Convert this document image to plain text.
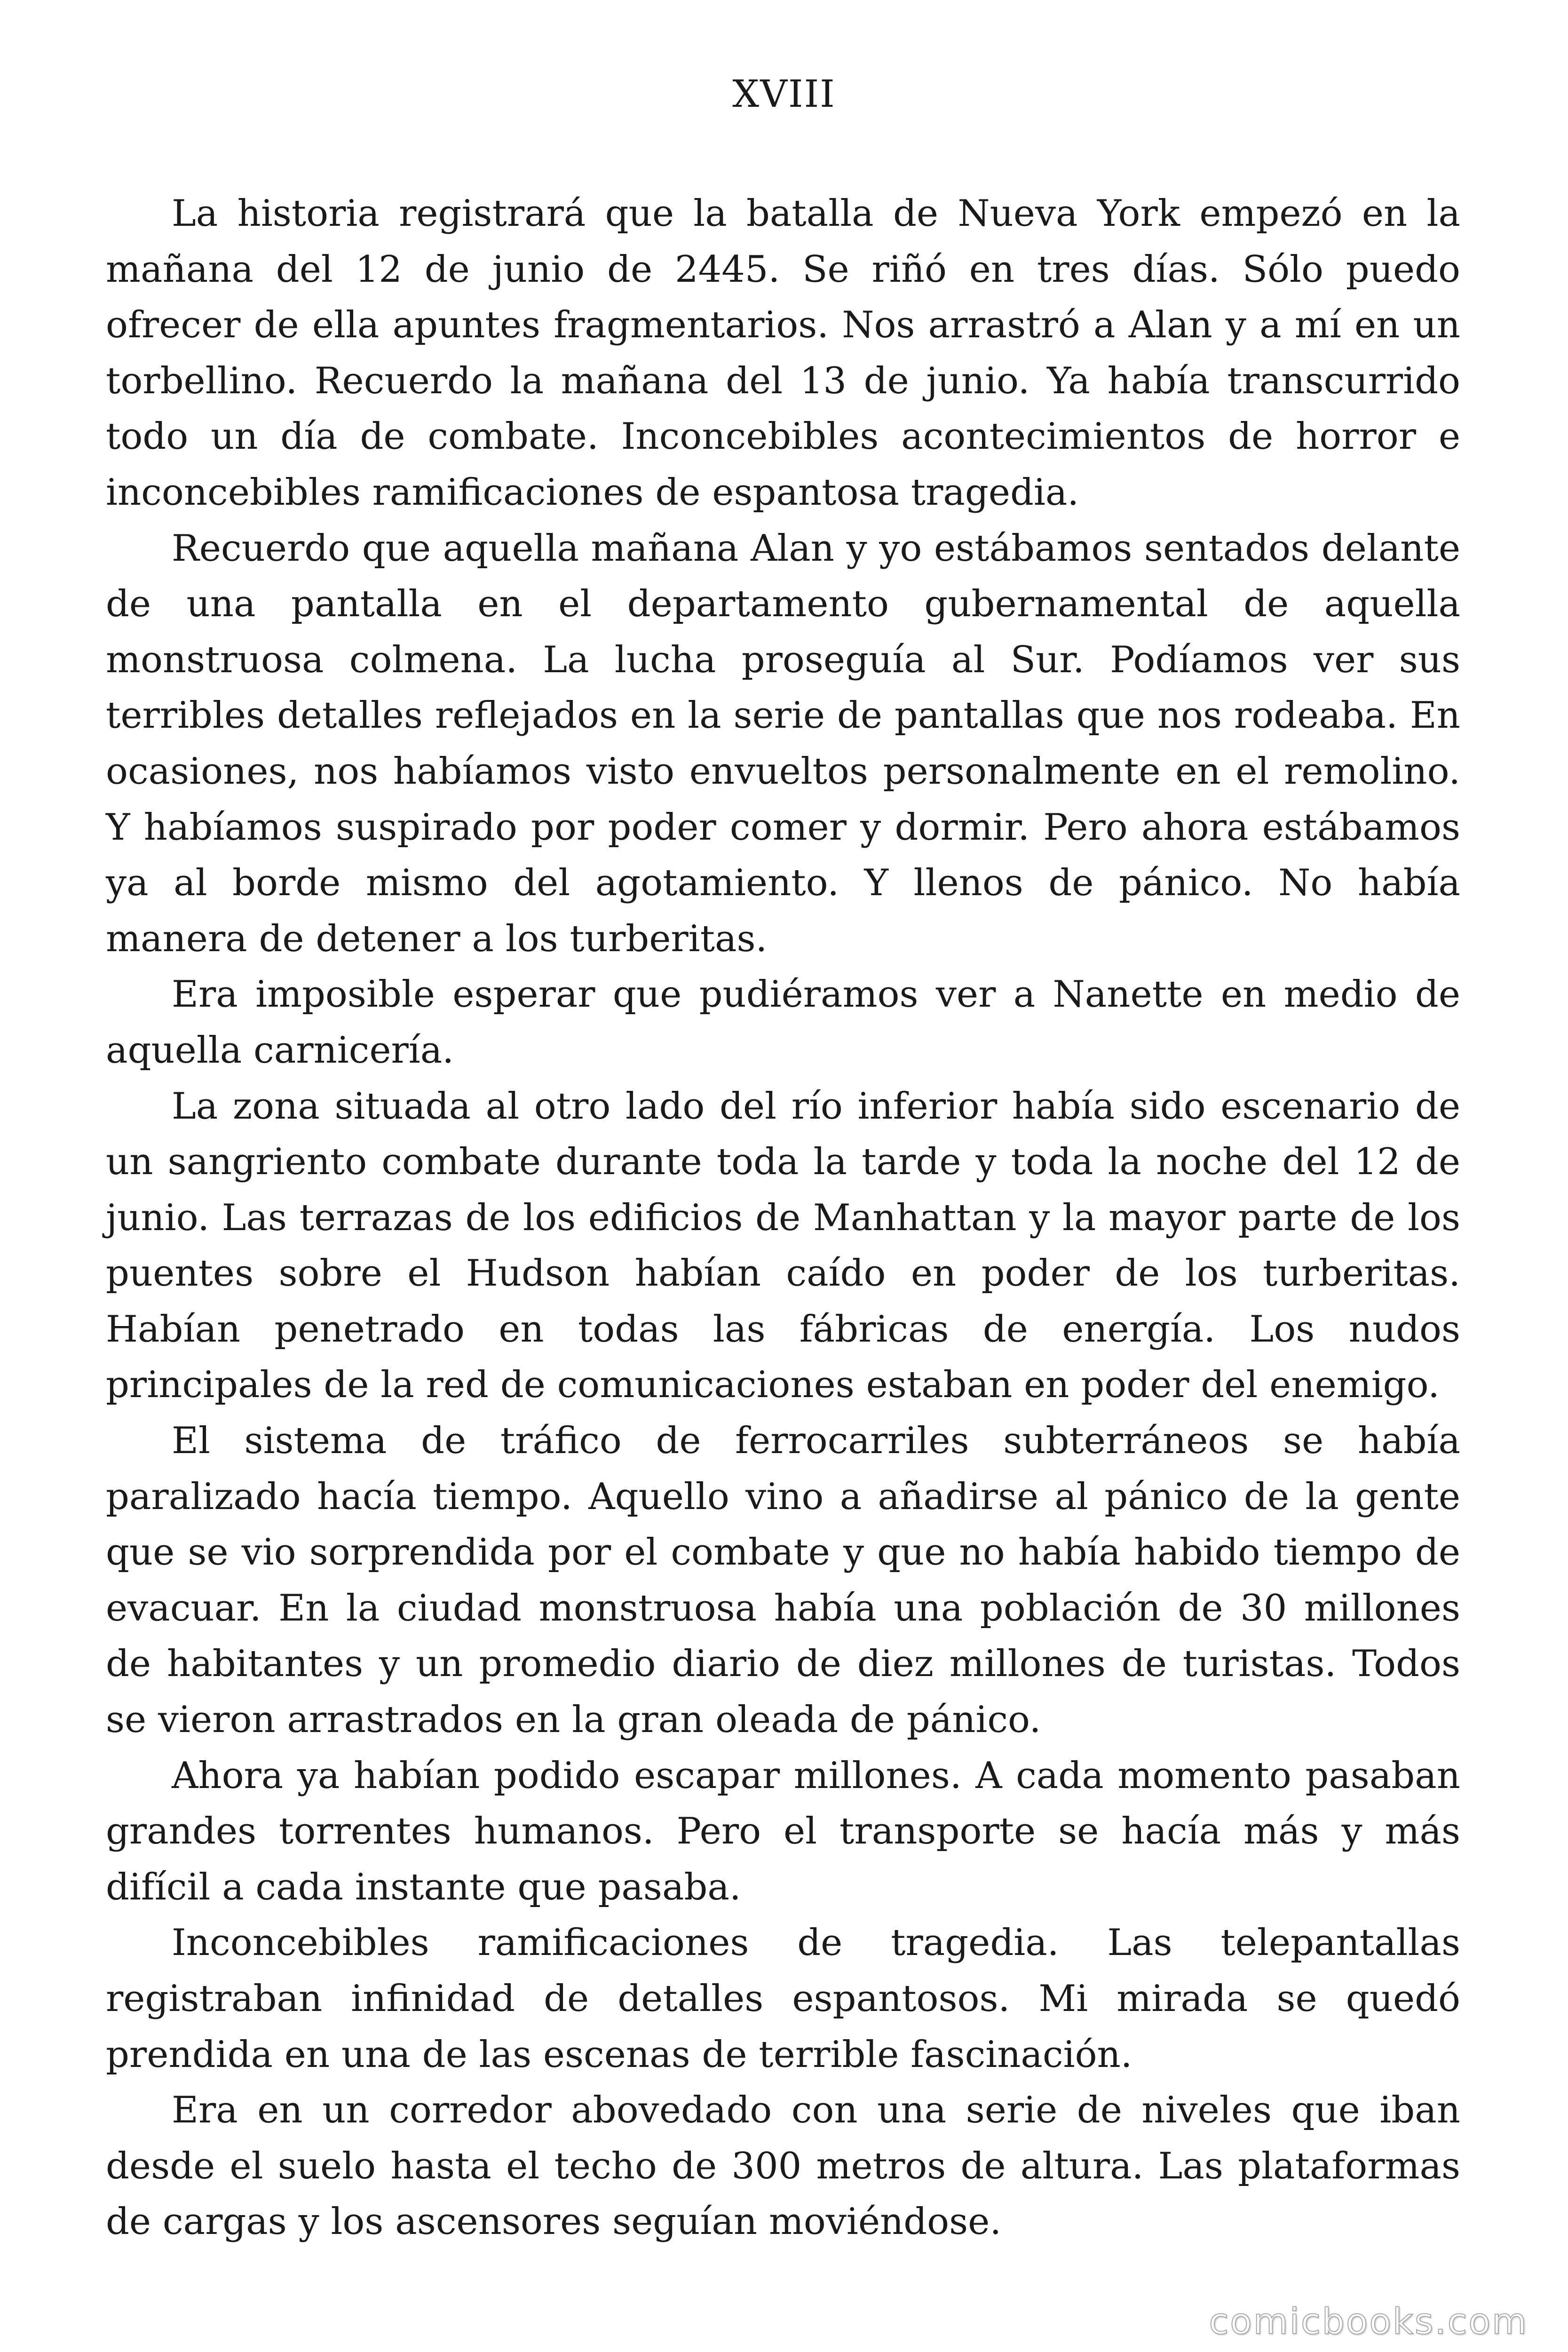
XVIII

La historia registrará que la batalla de Nueva York empezó en la mañana del 12 de junio de 2445. Se riñó en tres días. Sólo puedo ofrecer de ella apuntes fragmentarios. Nos arrastró a Alan y a mí en un torbellino. Recuerdo la mañana del 13 de junio. Ya había transcurrido todo un día de combate. Inconcebibles acontecimientos de horror e inconcebibles ramificaciones de espantosa tragedia.

Recuerdo que aquella mañana Alan y yo estábamos sentados delante de una pantalla en el departamento gubernamental de aquella monstruosa colmena. La lucha proseguía al Sur. Podíamos ver sus terribles detalles reflejados en la serie de pantallas que nos rodeaba. En ocasiones, nos habíamos visto envueltos personalmente en el remolino. Y habíamos suspirado por poder comer y dormir. Pero ahora estábamos ya al borde mismo del agotamiento. Y llenos de pánico. No había manera de detener a los turberitas.

Era imposible esperar que pudiéramos ver a Nanette en medio de aquella carnicería.

La zona situada al otro lado del río inferior había sido escenario de un sangriento combate durante toda la tarde y toda la noche del 12 de junio. Las terrazas de los edificios de Manhattan y la mayor parte de los puentes sobre el Hudson habían caído en poder de los turberitas. Habían penetrado en todas las fábricas de energía. Los nudos principales de la red de comunicaciones estaban en poder del enemigo.

El sistema de tráfico de ferrocarriles subterráneos se había paralizado hacía tiempo. Aquello vino a añadirse al pánico de la gente que se vio sorprendida por el combate y que no había habido tiempo de evacuar. En la ciudad monstruosa había una población de 30 millones de habitantes y un promedio diario de diez millones de turistas. Todos se vieron arrastrados en la gran oleada de pánico.

Ahora ya habían podido escapar millones. A cada momento pasaban grandes torrentes humanos. Pero el transporte se hacía más y más difícil a cada instante que pasaba.

Inconcebibles ramificaciones de tragedia. Las telepantallas registraban infinidad de detalles espantosos. Mi mirada se quedó prendida en una de las escenas de terrible fascinación.

Era en un corredor abovedado con una serie de niveles que iban desde el suelo hasta el techo de 300 metros de altura. Las plataformas de cargas y los ascensores seguían moviéndose.

comicbooks.com
